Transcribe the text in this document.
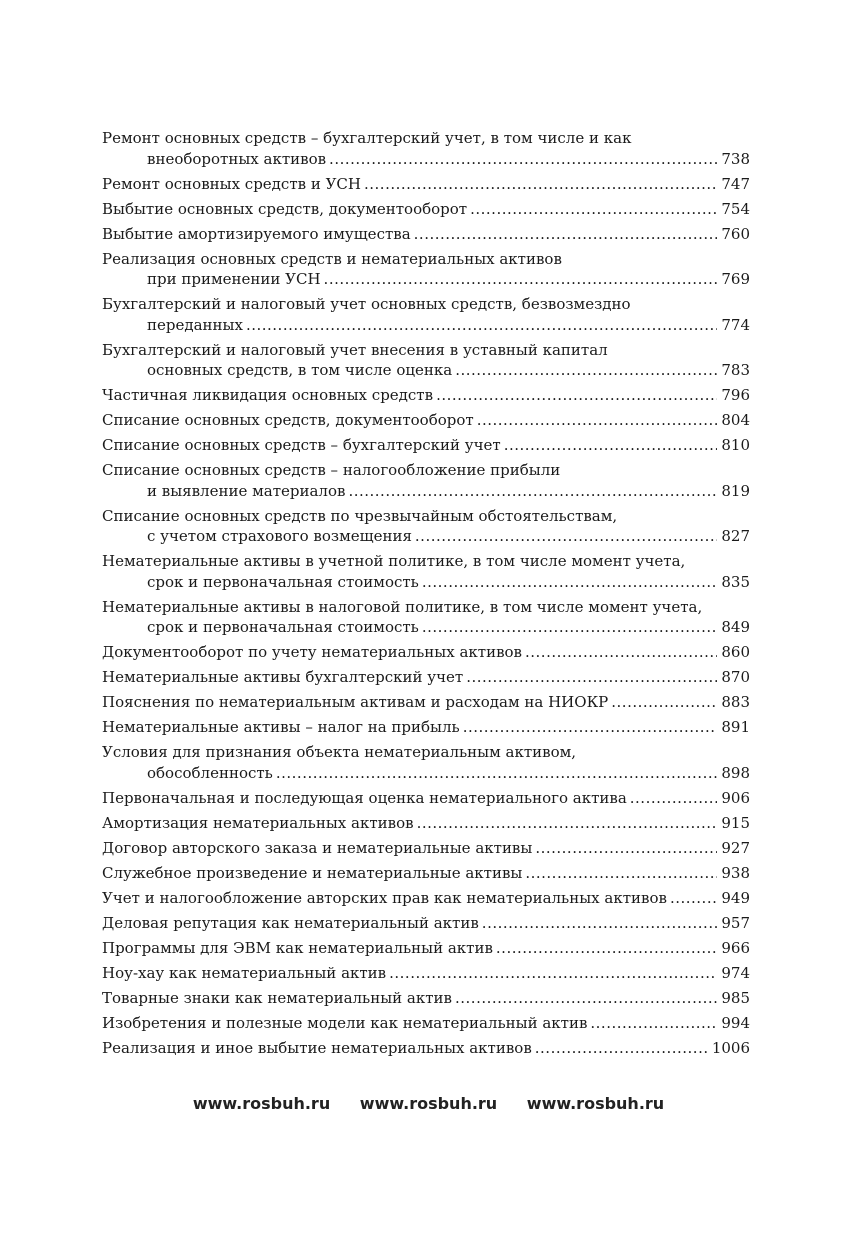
Ремонт основных средств – бухгалтерский учет, в том числе и как
внеоборотных активов .....	738
Ремонт основных средств и УСН .....	747
Выбытие основных средств, документооборот .....	754
Выбытие амортизируемого имущества .....	760
Реализация основных средств и нематериальных активов
при применении УСН .....	769
Бухгалтерский и налоговый учет основных средств, безвозмездно
переданных .....	774
Бухгалтерский и налоговый учет внесения в уставный капитал
основных средств, в том числе оценка .....	783
Частичная ликвидация основных средств .....	796
Списание основных средств, документооборот .....	804
Списание основных средств – бухгалтерский учет .....	810
Списание основных средств – налогообложение прибыли
и выявление материалов .....	819
Списание основных средств по чрезвычайным обстоятельствам,
с учетом страхового возмещения .....	827
Нематериальные активы в учетной политике, в том числе момент учета,
срок и первоначальная стоимость .....	835
Нематериальные активы в налоговой политике, в том числе момент учета,
срок и первоначальная стоимость .....	849
Документооборот по учету нематериальных активов .....	860
Нематериальные активы бухгалтерский учет .....	870
Пояснения по нематериальным активам и расходам на НИОКР .....	883
Нематериальные активы – налог на прибыль .....	891
Условия для признания объекта нематериальным активом,
обособленность .....	898
Первоначальная и последующая оценка нематериального актива .....	906
Амортизация нематериальных активов .....	915
Договор авторского заказа и нематериальные активы .....	927
Служебное произведение и нематериальные активы .....	938
Учет и налогообложение авторских прав как нематериальных активов .....	949
Деловая репутация как нематериальный актив .....	957
Программы для ЭВМ как нематериальный актив .....	966
Ноу-хау как нематериальный актив .....	974
Товарные знаки как нематериальный актив .....	985
Изобретения и полезные модели как нематериальный актив .....	994
Реализация и иное выбытие нематериальных активов .....	1006
www.rosbuh.ru www.rosbuh.ru www.rosbuh.ru
